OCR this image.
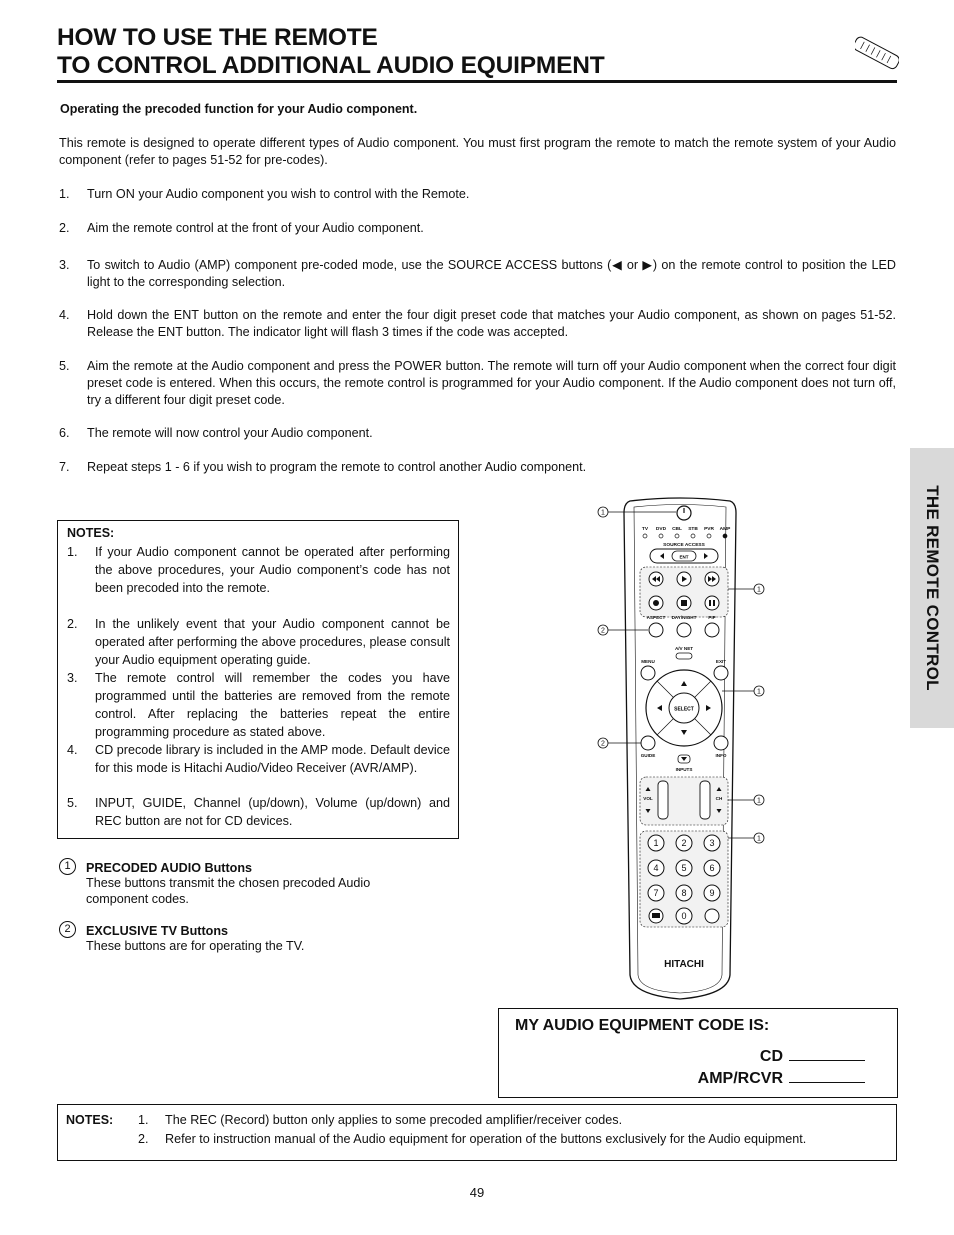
HOW TO USE THE REMOTE
TO CONTROL ADDITIONAL AUDIO EQUIPMENT
THE REMOTE CONTROL
Operating the precoded function for your Audio component.
This remote is designed to operate different types of Audio component. You must first program the remote to match the remote system of your Audio component (refer to pages 51-52 for pre-codes).
1. Turn ON your Audio component you wish to control with the Remote.
2. Aim the remote control at the front of your Audio component.
3. To switch to Audio (AMP) component pre-coded mode, use the SOURCE ACCESS buttons (◀ or ▶) on the remote control to position the LED light to the corresponding selection.
4. Hold down the ENT button on the remote and enter the four digit preset code that matches your Audio component, as shown on pages 51-52. Release the ENT button. The indicator light will flash 3 times if the code was accepted.
5. Aim the remote at the Audio component and press the POWER button. The remote will turn off your Audio component when the correct four digit preset code is entered. When this occurs, the remote control is programmed for your Audio component. If the Audio component does not turn off, try a different four digit preset code.
6. The remote will now control your Audio component.
7. Repeat steps 1 - 6 if you wish to program the remote to control another Audio component.
NOTES:
1. If your Audio component cannot be operated after performing the above procedures, your Audio component’s code has not been precoded into the remote.
2. In the unlikely event that your Audio component cannot be operated after performing the above procedures, please consult your Audio equipment operating guide.
3. The remote control will remember the codes you have programmed until the batteries are removed from the remote control. After replacing the batteries repeat the entire programming procedure as stated above.
4. CD precode library is included in the AMP mode. Default device for this mode is Hitachi Audio/Video Receiver (AVR/AMP).
5. INPUT, GUIDE, Channel (up/down), Volume (up/down) and REC button are not for CD devices.
1	PRECODED AUDIO Buttons
These buttons transmit the chosen precoded Audio component codes.
2	EXCLUSIVE TV Buttons
These buttons are for operating the TV.
TV DVD CBL STB PVR AMP
SOURCE ACCESS
ENT
ASPECT DAY/NIGHT	PIP
A/V NET
MENU	EXIT
SELECT
GUIDE	INFO
INPUTS
VOL	CH
1	2	3
4	5	6
7	8	9
0
HITACHI
1
1
2
1
2
1
1
MY AUDIO EQUIPMENT CODE IS:
CD
AMP/RCVR
NOTES: 1. The REC (Record) button only applies to some precoded amplifier/receiver codes.
2. Refer to instruction manual of the Audio equipment for operation of the buttons exclusively for the Audio equipment.
49
